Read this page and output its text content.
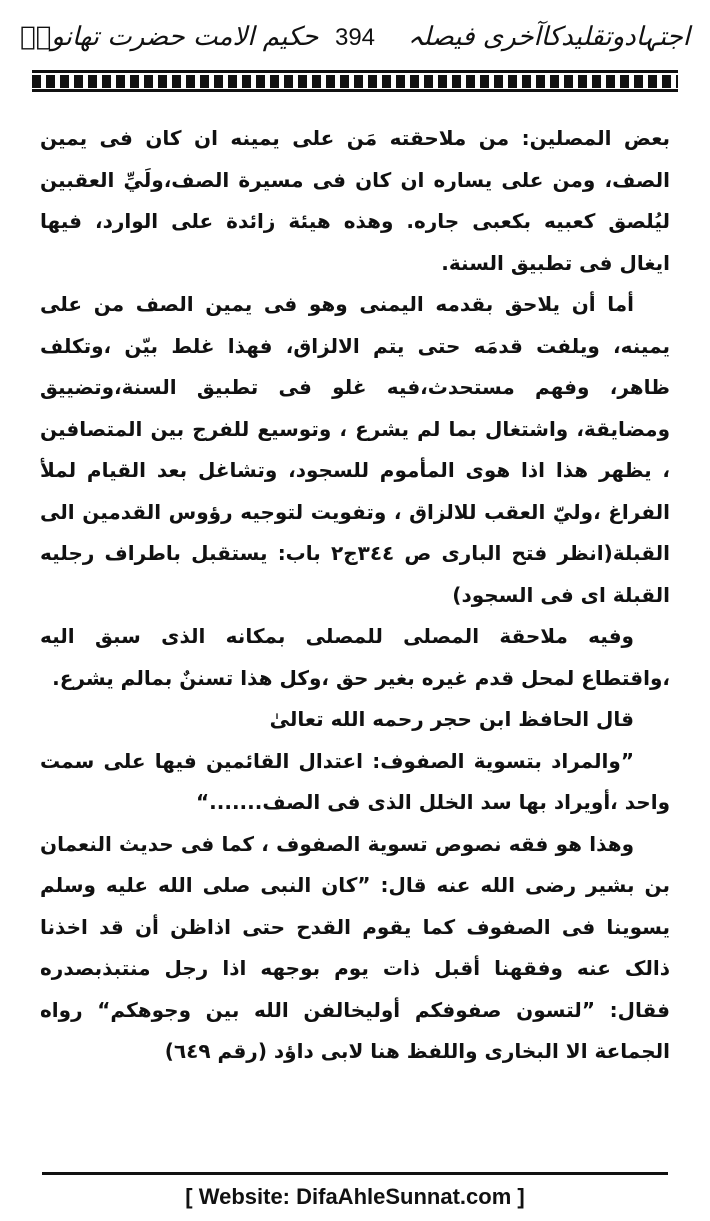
اجتہادوتقلیدکاآخری فیصلہ
394
حکیم الامت حضرت تھانویؒ

بعض المصلين: من ملاحقته مَن على يمينه ان كان فى يمين الصف، ومن على يساره ان كان فى مسيرة الصف،ولَيِّ العقبين ليُلصق كعبيه بكعبى جاره. وهذه هيئة زائدة على الوارد، فيها ايغال فى تطبيق السنة.

أما أن يلاحق بقدمه اليمنى وهو فى يمين الصف من على يمينه، ويلفت قدمَه حتى يتم الالزاق، فهذا غلط بيّن ،وتكلف ظاهر، وفهم مستحدث،فيه غلو فى تطبيق السنة،وتضييق ومضايقة، واشتغال بما لم يشرع ، وتوسيع للفرج بين المتصافين ، يظهر هذا اذا هوى المأموم للسجود، وتشاغل بعد القيام لملأ الفراغ ،وليّ العقب للالزاق ، وتفويت لتوجيه رؤوس القدمين الى القبلة(انظر فتح البارى ص ٣٤٤ج٢ باب: يستقبل باطراف رجليه القبلة اى فى السجود)

وفيه ملاحقة المصلى للمصلى بمكانه الذى سبق اليه ،واقتطاع لمحل قدم غيره بغير حق ،وكل هذا تسننٌ بمالم يشرع.

قال الحافظ ابن حجر رحمه الله تعالىٰ

”والمراد بتسوية الصفوف: اعتدال القائمين فيها على سمت واحد ،أويراد بها سد الخلل الذى فى الصف.......“

وهذا هو فقه نصوص تسوية الصفوف ، كما فى حديث النعمان بن بشير رضى الله عنه قال: ”كان النبى صلى الله عليه وسلم يسوينا فى الصفوف كما يقوم القدح حتى اذاظن أن قد اخذنا ذالک عنه وفقهنا أقبل ذات يوم بوجهه اذا رجل منتبذبصدره فقال: ”لتسون صفوفكم أوليخالفن الله بين وجوهكم“ رواه الجماعة الا البخارى واللفظ هنا لابى داؤد (رقم ٦٤٩)

[ Website: DifaAhleSunnat.com ]
